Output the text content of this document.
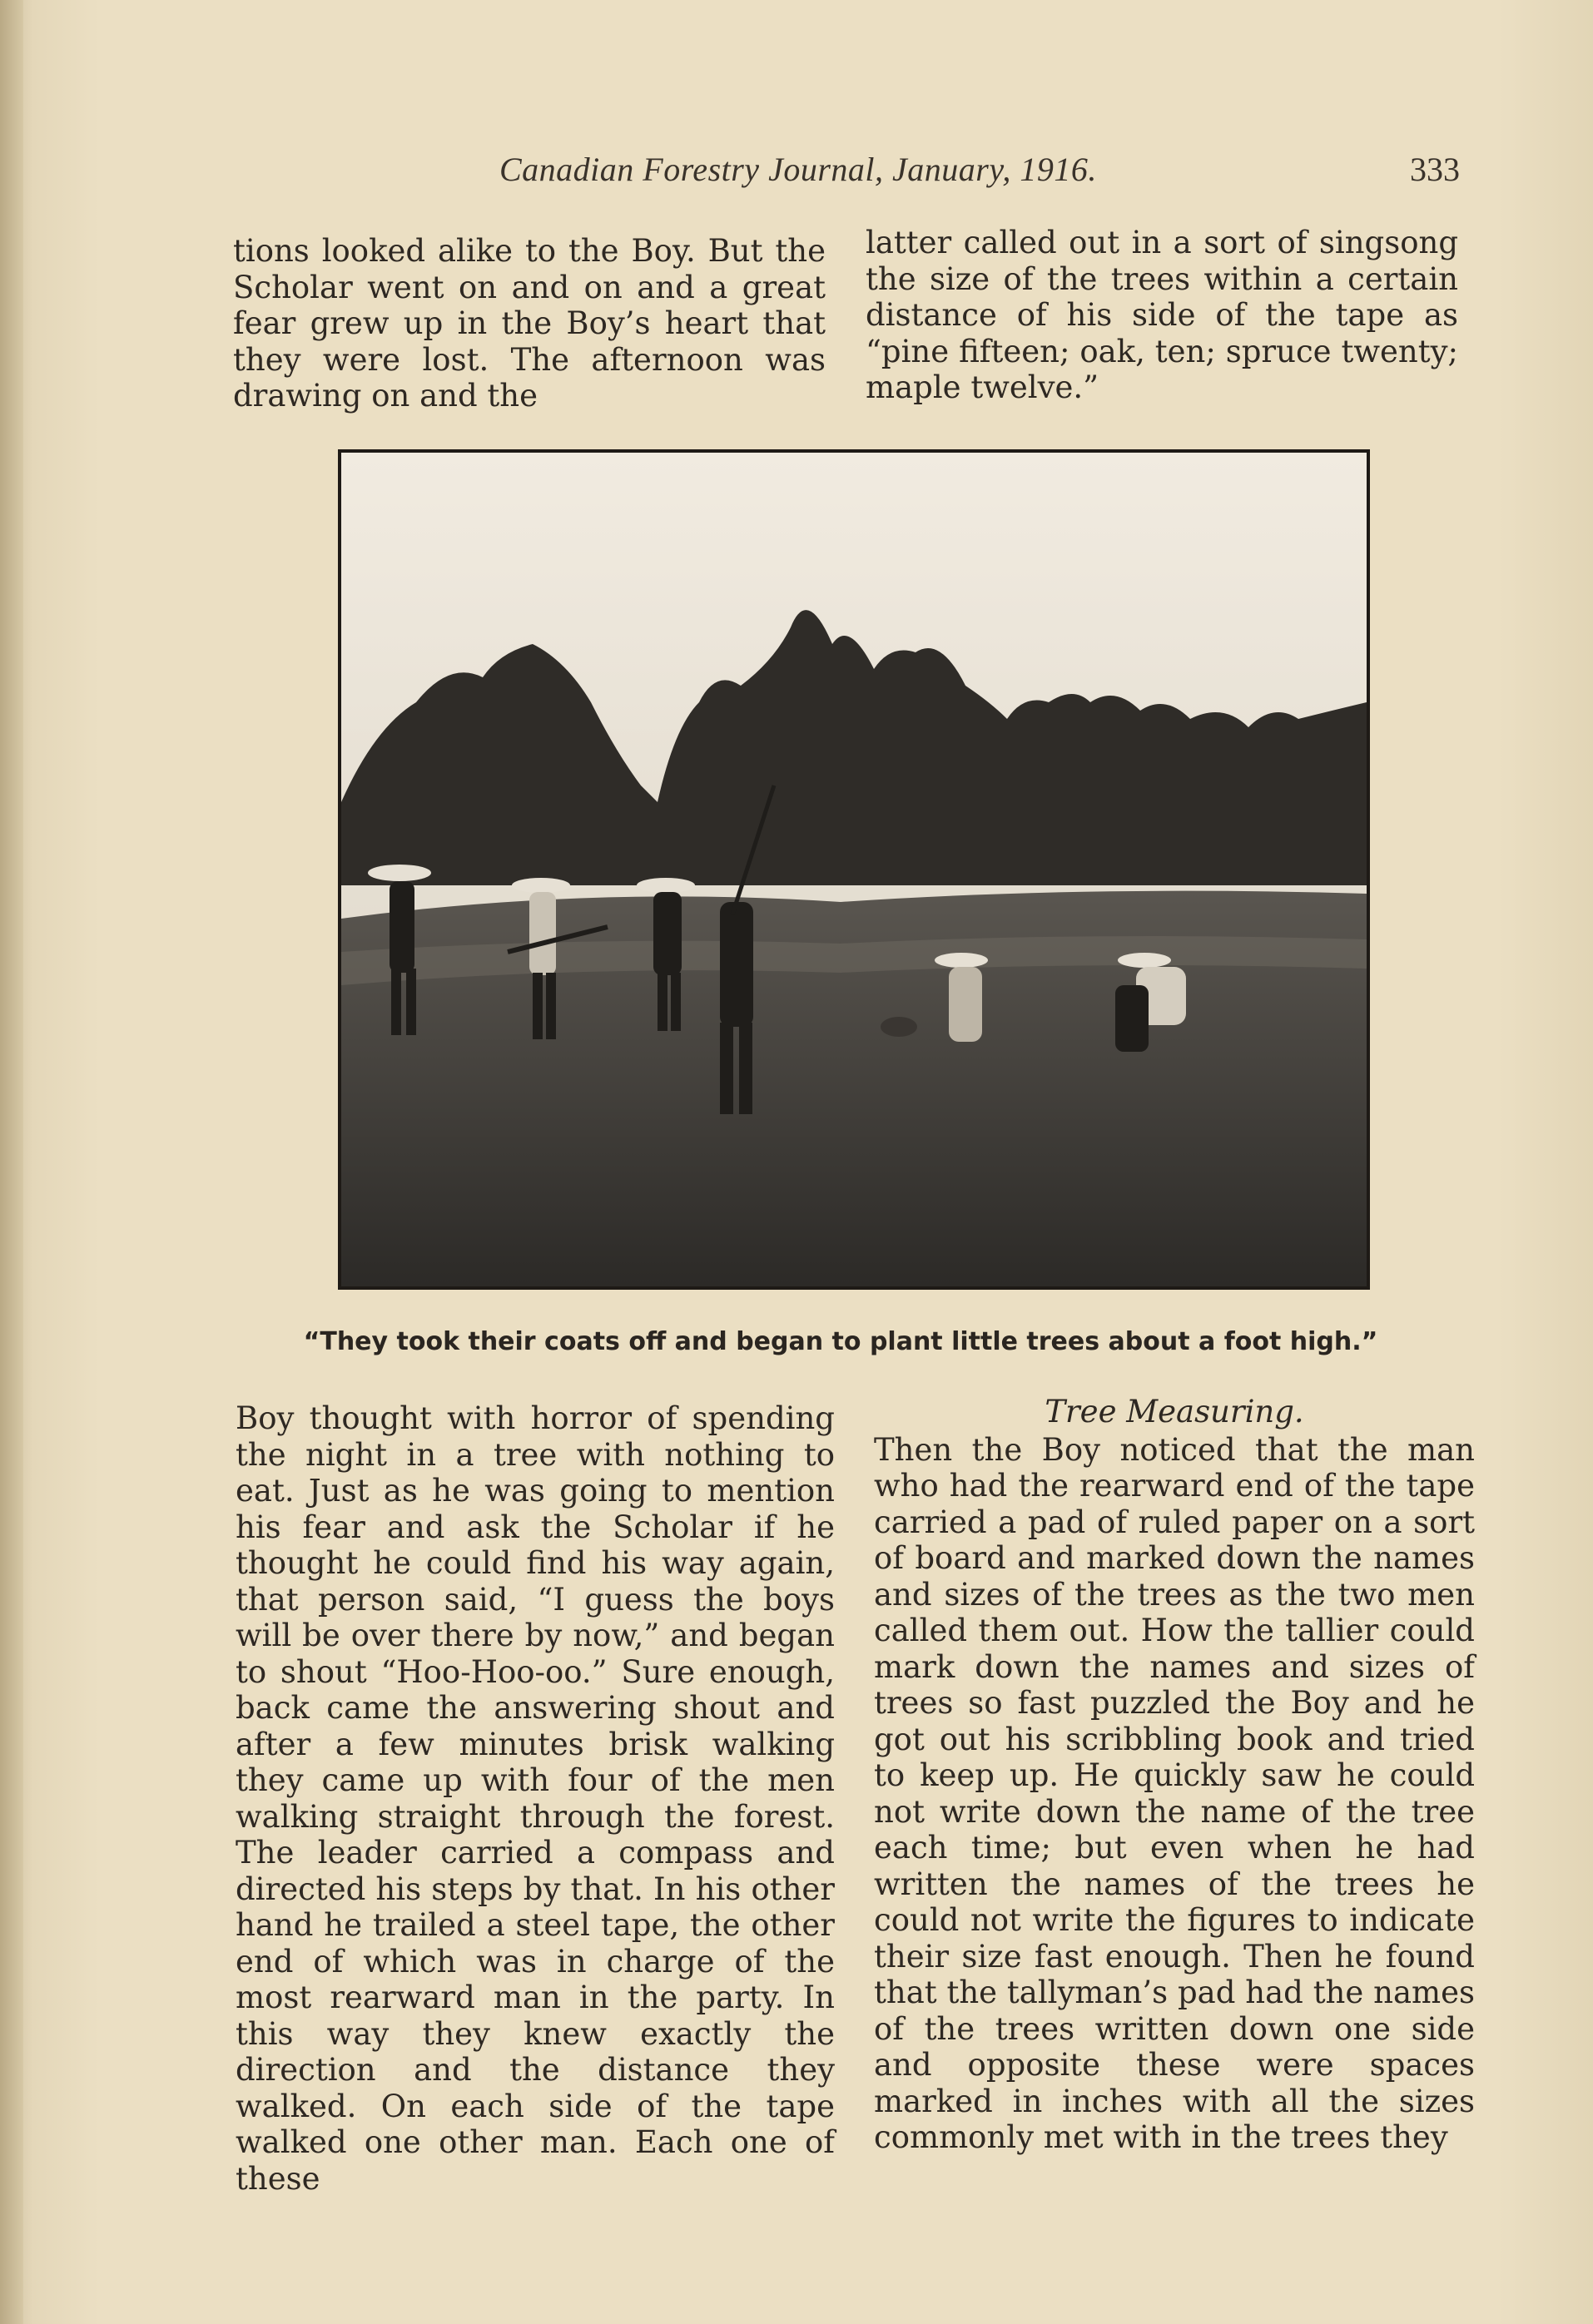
Canadian Forestry Journal, January, 1916.	333

tions looked alike to the Boy. But the Scholar went on and on and a great fear grew up in the Boy’s heart that they were lost. The afternoon was drawing on and the

latter called out in a sort of singsong the size of the trees within a certain distance of his side of the tape as “pine fifteen; oak, ten; spruce twenty; maple twelve.”

“They took their coats off and began to plant little trees about a foot high.”

Boy thought with horror of spending the night in a tree with nothing to eat. Just as he was going to mention his fear and ask the Scholar if he thought he could find his way again, that person said, “I guess the boys will be over there by now,” and began to shout “Hoo-Hoo-oo.” Sure enough, back came the answering shout and after a few minutes brisk walking they came up with four of the men walking straight through the forest. The leader carried a compass and directed his steps by that. In his other hand he trailed a steel tape, the other end of which was in charge of the most rearward man in the party. In this way they knew exactly the direction and the distance they walked. On each side of the tape walked one other man. Each one of these

Tree Measuring.

Then the Boy noticed that the man who had the rearward end of the tape carried a pad of ruled paper on a sort of board and marked down the names and sizes of the trees as the two men called them out. How the tallier could mark down the names and sizes of trees so fast puzzled the Boy and he got out his scribbling book and tried to keep up. He quickly saw he could not write down the name of the tree each time; but even when he had written the names of the trees he could not write the figures to indicate their size fast enough. Then he found that the tallyman’s pad had the names of the trees written down one side and opposite these were spaces marked in inches with all the sizes commonly met with in the trees they
